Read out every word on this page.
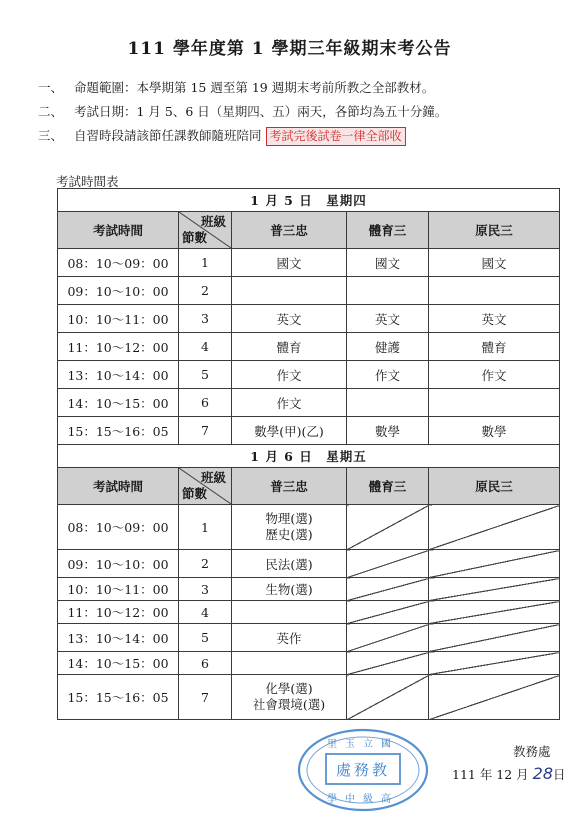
111 學年度第 1 學期三年級期末考公告
一、 命題範圍：本學期第 15 週至第 19 週期末考前所教之全部教材。
二、 考試日期：1 月 5、6 日（星期四、五）兩天，各節均為五十分鐘。
三、 自習時段請該節任課教師隨班陪同 考試完後試卷一律全部收
考試時間表
1 月 5 日　星期四				
考試時間	班級
節數	普三忠	體育三	原民三
08：10～09：00	1	國文	國文	國文
09：10～10：00	2			
10：10～11：00	3	英文	英文	英文
11：10～12：00	4	體育	健護	體育
13：10～14：00	5	作文	作文	作文
14：10～15：00	6	作文		
15：15～16：05	7	數學(甲)(乙)	數學	數學
1 月 6 日　星期五				
考試時間	班級
節數	普三忠	體育三	原民三
08：10～09：00	1	物理(選)
歷史(選)		

09：10～10：00	2	民法(選)		
10：10～11：00	3	生物(選)		
11：10～12：00	4			
13：10～14：00	5	英作		
14：10～15：00	6			
15：15～16：05	7	化學(選)
社會環境(選)		

處務教
里玉立國
學中級高
教務處
111 年 12 月 28日
